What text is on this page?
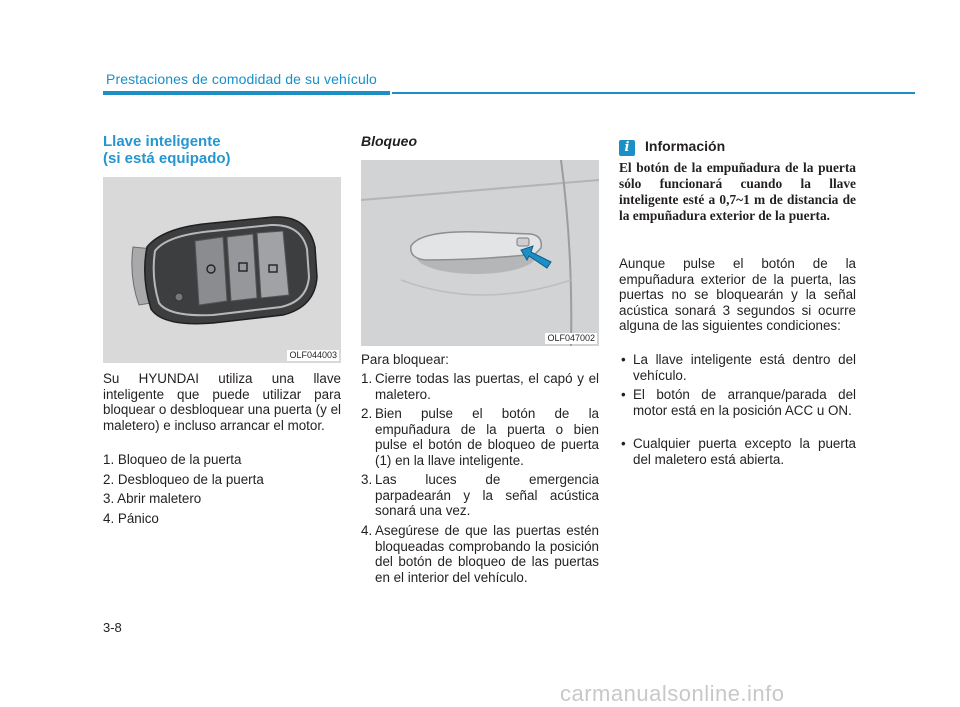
Prestaciones de comodidad de su vehículo
Llave inteligente
(si está equipado)
OLF044003
Su HYUNDAI utiliza una llave inteligente que puede utilizar para bloquear o desbloquear una puerta (y el maletero) e incluso arrancar el motor.
1. Bloqueo de la puerta
2. Desbloqueo de la puerta
3. Abrir maletero
4. Pánico
Bloqueo
OLF047002
Para bloquear:
1. Cierre todas las puertas, el capó y el maletero.
2. Bien pulse el botón de la empuñadura de la puerta o bien pulse el botón de bloqueo de puerta (1) en la llave inteligente.
3. Las luces de emergencia parpadearán y la señal acústica sonará una vez.
4. Asegúrese de que las puertas estén bloqueadas comprobando la posición del botón de bloqueo de las puertas en el interior del vehículo.
i	Información
El botón de la empuñadura de la puerta sólo funcionará cuando la llave inteligente esté a 0,7~1 m de distancia de la empuñadura exterior de la puerta.
Aunque pulse el botón de la empuñadura exterior de la puerta, las puertas no se bloquearán y la señal acústica sonará 3 segundos si ocurre alguna de las siguientes condiciones:
• La llave inteligente está dentro del vehículo.
• El botón de arranque/parada del motor está en la posición ACC u ON.
• Cualquier puerta excepto la puerta del maletero está abierta.
3-8
carmanualsonline.info
